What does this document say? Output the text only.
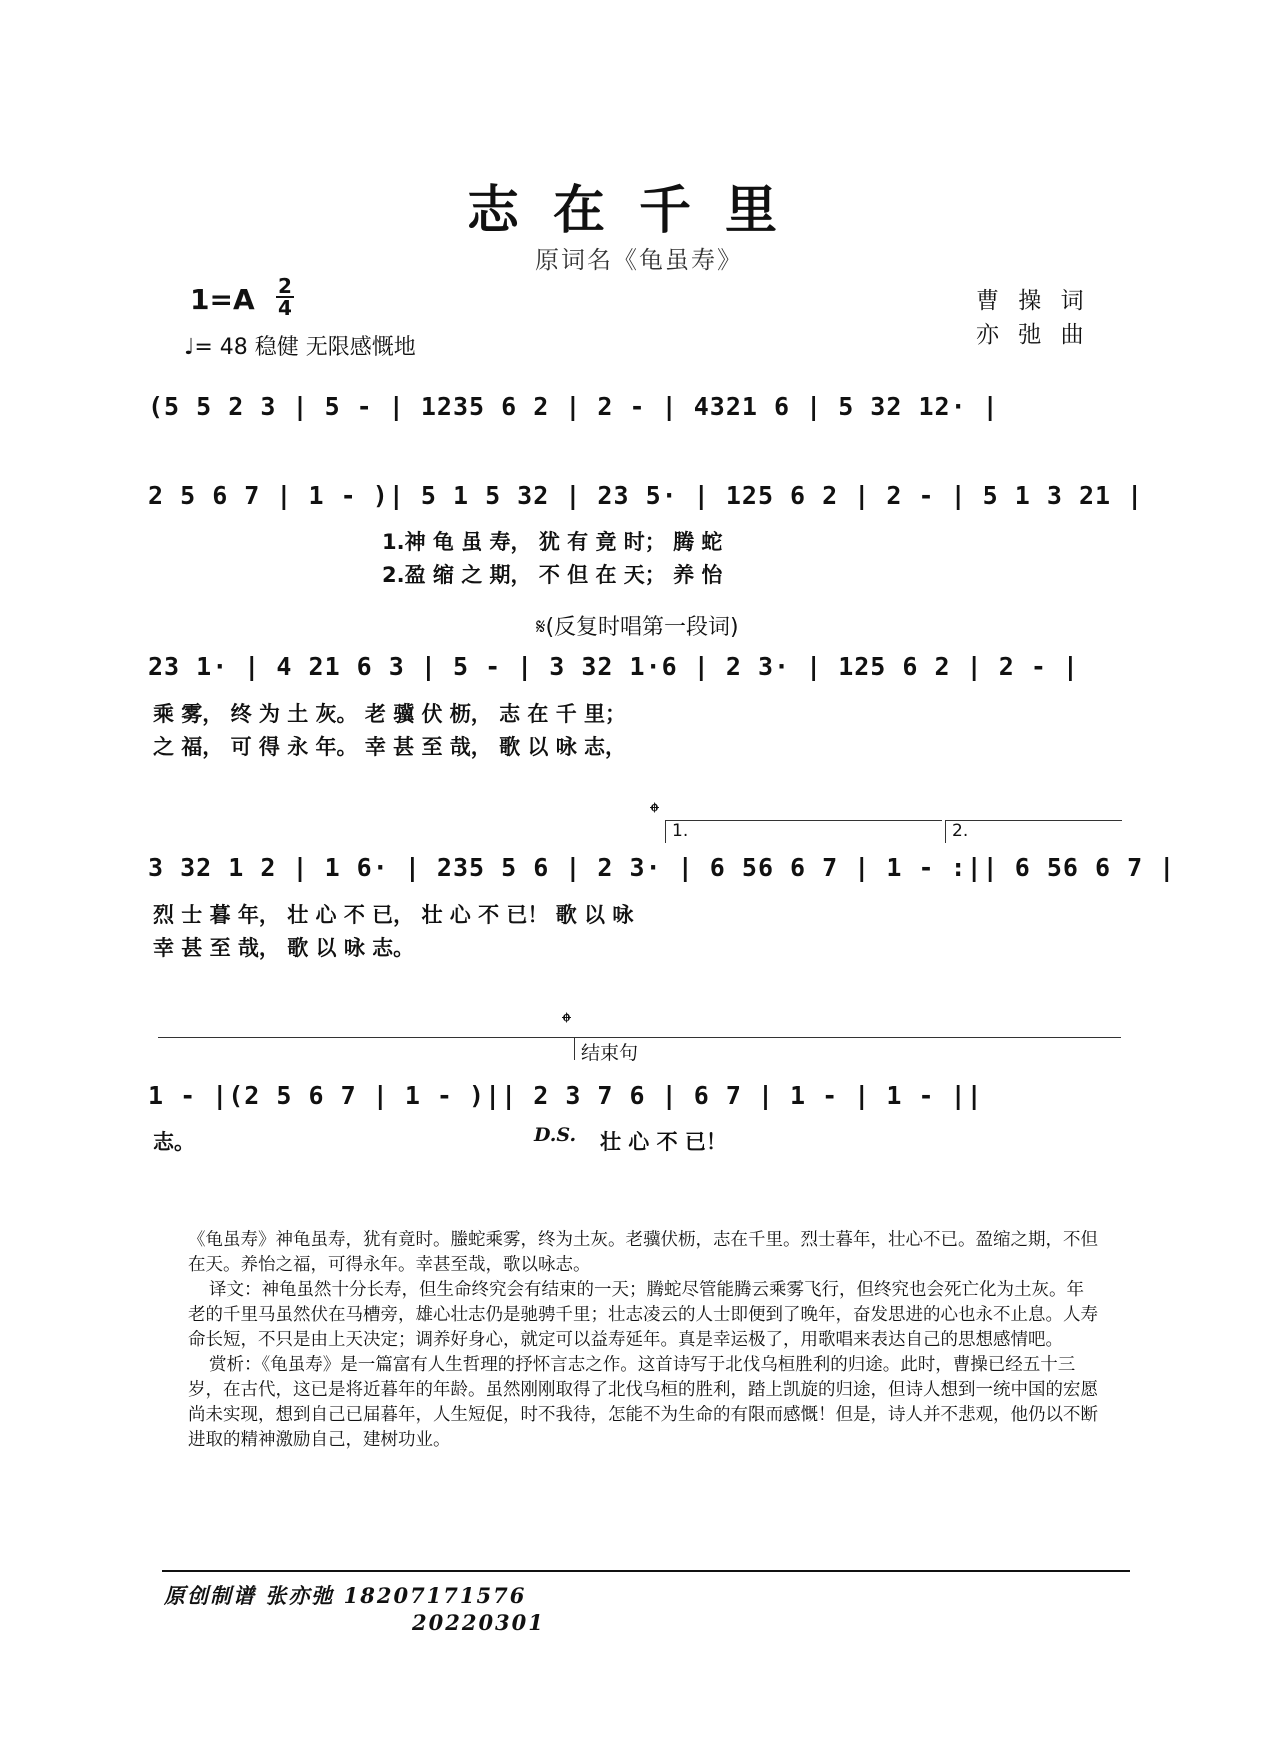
志在千里
原词名《龟虽寿》
1=A 2
4
♩= 48 稳健 无限感慨地
曹 操 词
亦 弛 曲
(5 5 2 3 | 5 - | 1235 6 2 | 2 - | 4321 6 | 5 32 12· |
2 5 6 7 | 1 - )| 5 1 5 32 | 23 5· | 125 6 2 | 2 - | 5 1 3 21 |
1.神 龟 虽 寿， 犹 有 竟 时； 腾 蛇
2.盈 缩 之 期， 不 但 在 天； 养 怡
𝄋(反复时唱第一段词)
23 1· | 4 21 6 3 | 5 - | 3 32 1·6 | 2 3· | 125 6 2 | 2 - |
乘 雾， 终 为 土 灰。 老 骥 伏 枥， 志 在 千 里；
之 福， 可 得 永 年。 幸 甚 至 哉， 歌 以 咏 志，
𝄌
1.	2.
3 32 1 2 | 1 6· | 235 5 6 | 2 3· | 6 56 6 7 | 1 - :|| 6 56 6 7 |
烈 士 暮 年， 壮 心 不 已， 壮 心 不 已！ 歌 以 咏
幸 甚 至 哉， 歌 以 咏 志。
𝄌
结束句
1 - |(2 5 6 7 | 1 - )|| 2 3 7 6 | 6 7 | 1 - | 1 - ||
志。	D.S. 壮 心 不 已！

《龟虽寿》神龟虽寿，犹有竟时。螣蛇乘雾，终为土灰。老骥伏枥，志在千里。烈士暮年，壮心不已。盈缩之期，不但在天。养怡之福，可得永年。幸甚至哉，歌以咏志。

译文：神龟虽然十分长寿，但生命终究会有结束的一天；腾蛇尽管能腾云乘雾飞行，但终究也会死亡化为土灰。年老的千里马虽然伏在马槽旁，雄心壮志仍是驰骋千里；壮志凌云的人士即便到了晚年，奋发思进的心也永不止息。人寿命长短，不只是由上天决定；调养好身心，就定可以益寿延年。真是幸运极了，用歌唱来表达自己的思想感情吧。

赏析：《龟虽寿》是一篇富有人生哲理的抒怀言志之作。这首诗写于北伐乌桓胜利的归途。此时，曹操已经五十三岁，在古代，这已是将近暮年的年龄。虽然刚刚取得了北伐乌桓的胜利，踏上凯旋的归途，但诗人想到一统中国的宏愿尚未实现，想到自己已届暮年，人生短促，时不我待，怎能不为生命的有限而感慨！但是，诗人并不悲观，他仍以不断进取的精神激励自己，建树功业。

原创制谱 张亦弛 18207171576
20220301
